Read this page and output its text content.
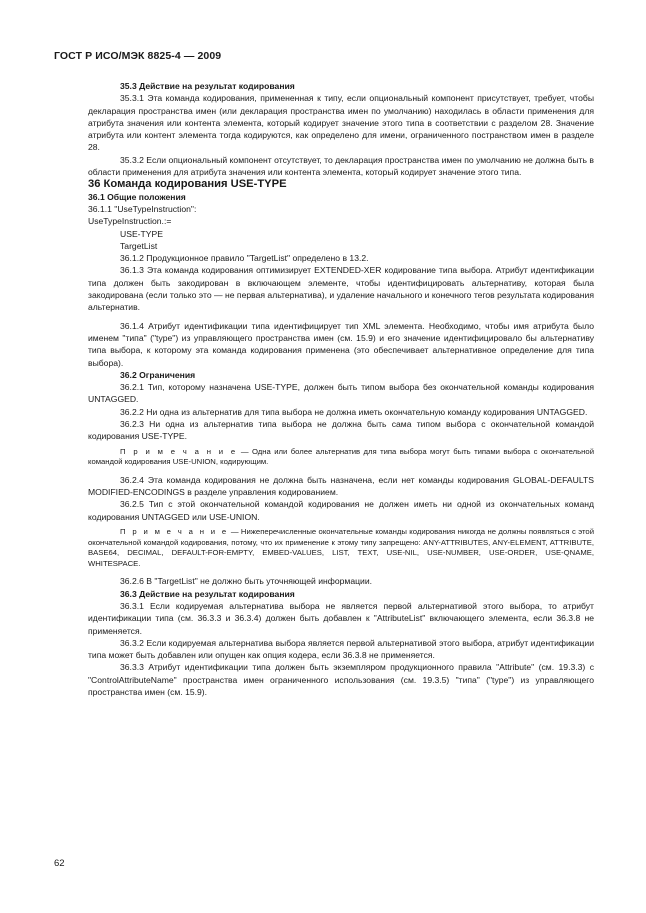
ГОСТ Р ИСО/МЭК 8825-4 — 2009

35.3 Действие на результат кодирования

35.3.1 Эта команда кодирования, примененная к типу, если опциональный компонент присутствует, требует, чтобы декларация пространства имен (или декларация пространства имен по умолчанию) находилась в области применения для атрибута значения или контента элемента, который кодирует значение этого типа в соответствии с разделом 28. Значение атрибута или контент элемента тогда кодируются, как определено для имени, ограниченного постранством имен в разделе 28.

35.3.2 Если опциональный компонент отсутствует, то декларация пространства имен по умолчанию не должна быть в области применения для атрибута значения или контента элемента, который кодирует значение этого типа.

36 Команда кодирования USE-TYPE

36.1 Общие положения

36.1.1 "UseTypeInstruction":

UseTypeInstruction.:=

USE-TYPE

TargetList

36.1.2 Продукционное правило "TargetList" определено в 13.2.

36.1.3 Эта команда кодирования оптимизирует EXTENDED-XER кодирование типа выбора. Атрибут идентификации типа должен быть закодирован в включающем элементе, чтобы идентифицировать альтернативу, которая была закодирована (если только это — не первая альтернатива), и удаление начального и конечного тегов результата кодирования альтернатив.

36.1.4 Атрибут идентификации типа идентифицирует тип XML элемента. Необходимо, чтобы имя атрибута было именем "типа" ("type") из управляющего пространства имен (см. 15.9) и его значение идентифицировало бы альтернативу типа выбора, к которому эта команда кодирования применена (это обеспечивает альтернативное определение для типа выбора).

36.2 Ограничения

36.2.1 Тип, которому назначена USE-TYPE, должен быть типом выбора без окончательной команды кодирования UNTAGGED.

36.2.2 Ни одна из альтернатив для типа выбора не должна иметь окончательную команду кодирования UNTAGGED.

36.2.3 Ни одна из альтернатив типа выбора не должна быть сама типом выбора с окончательной командой кодирования USE-TYPE.

П р и м е ч а н и е — Одна или более альтернатив для типа выбора могут быть типами выбора с окончательной командой кодирования USE-UNION, кодирующим.

36.2.4 Эта команда кодирования не должна быть назначена, если нет команды кодирования GLOBAL-DEFAULTS MODIFIED-ENCODINGS в разделе управления кодированием.

36.2.5 Тип с этой окончательной командой кодирования не должен иметь ни одной из окончательных команд кодирования UNTAGGED или USE-UNION.

П р и м е ч а н и е — Нижеперечисленные окончательные команды кодирования никогда не должны появляться с этой окончательной командой кодирования, потому, что их применение к этому типу запрещено: ANY-ATTRIBUTES, ANY-ELEMENT, ATTRIBUTE, BASE64, DECIMAL, DEFAULT-FOR-EMPTY, EMBED-VALUES, LIST, TEXT, USE-NIL, USE-NUMBER, USE-ORDER, USE-QNAME, WHITESPACE.

36.2.6 В "TargetList" не должно быть уточняющей информации.

36.3 Действие на результат кодирования

36.3.1 Если кодируемая альтернатива выбора не является первой альтернативой этого выбора, то атрибут идентификации типа (см. 36.3.3 и 36.3.4) должен быть добавлен к "AttributeList" включающего элемента, если 36.3.8 не применяется.

36.3.2 Если кодируемая альтернатива выбора является первой альтернативой этого выбора, атрибут идентификации типа может быть добавлен или опущен как опция кодера, если 36.3.8 не применяется.

36.3.3 Атрибут идентификации типа должен быть экземпляром продукционного правила "Attribute" (см. 19.3.3) с "ControlAttributeName" пространства имен ограниченного использования (см. 19.3.5) "типа" ("type") из управляющего пространства имен (см. 15.9).

62
